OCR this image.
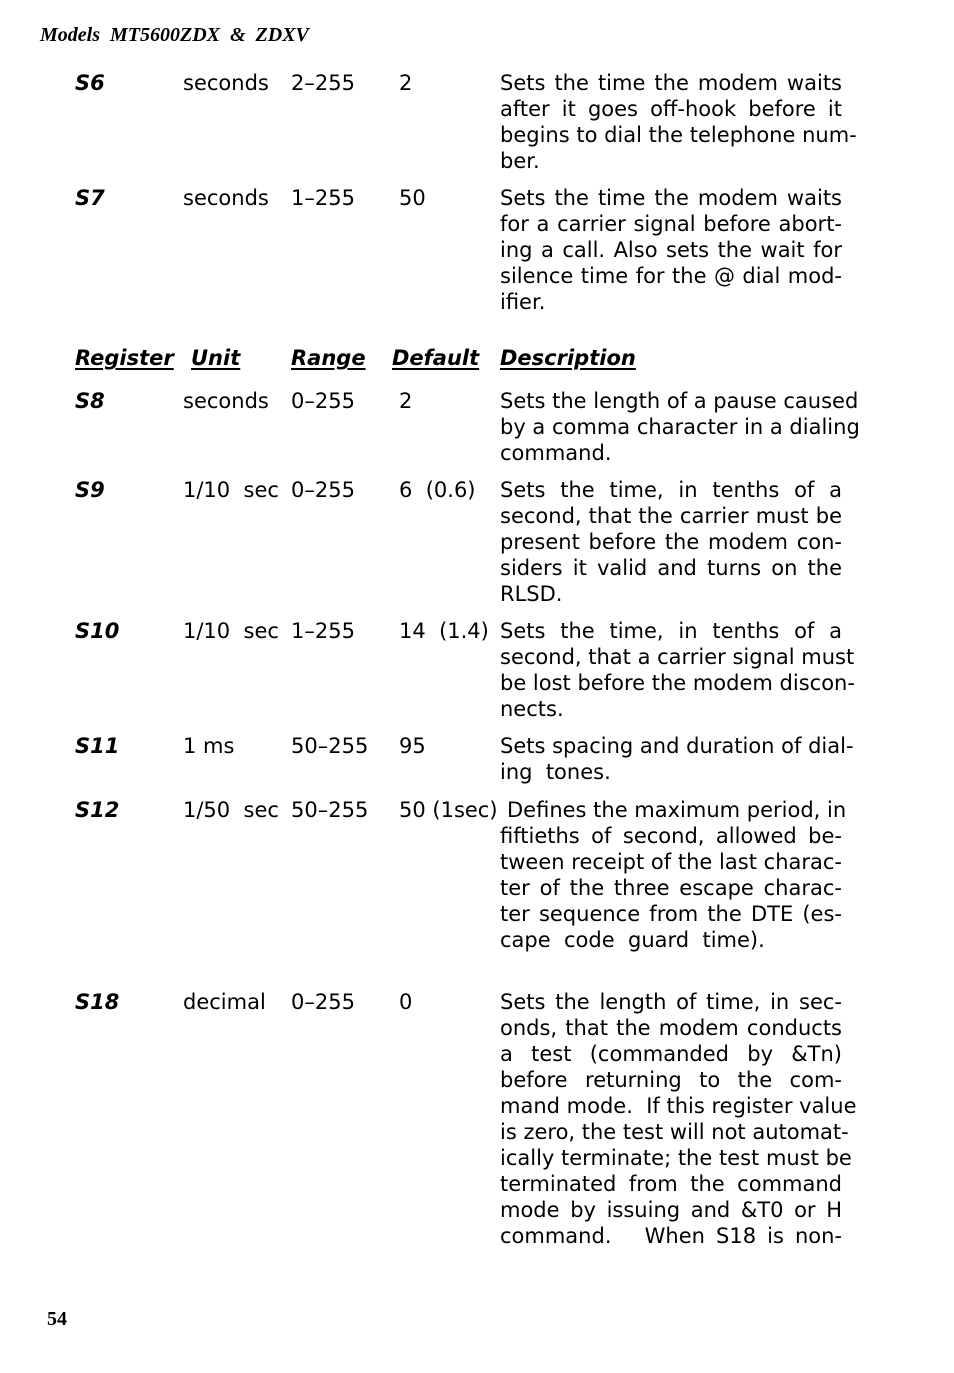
Models  MT5600ZDX  &  ZDXV
S6	seconds 2–255 2	Sets the time the modem waits
after it goes off-hook before it
begins to dial the telephone num-
ber.
S7	seconds 1–255 50	Sets the time the modem waits
for a carrier signal before abort-
ing a call. Also sets the wait for
silence time for the @ dial mod-
ifier.
Register Unit Range Default Description
S8	seconds 0–255 2	Sets the length of a pause caused
by a comma character in a dialing
command.
S9	1/10  sec 0–255 6  (0.6) Sets the time, in tenths of a
second, that the carrier must be
present before the modem con-
siders it valid and turns on the
RLSD.
S10	1/10  sec 1–255 14  (1.4) Sets the time, in tenths of a
second, that a carrier signal must
be lost before the modem discon-
nects.
S11	1 ms	50–255 95	Sets spacing and duration of dial-
ing  tones.
S12	1/50  sec 50–255 50 (1sec) Defines the maximum period, in
fiftieths of second, allowed be-
tween receipt of the last charac-
ter of the three escape charac-
ter sequence from the DTE (es-
cape  code  guard  time).
S18	decimal 0–255 0	Sets the length of time, in sec-
onds, that the modem conducts
a test (commanded by &Tn)
before returning to the com-
mand mode.  If this register value
is zero, the test will not automat-
ically terminate; the test must be
terminated from the command
mode by issuing and &T0 or H
command.   When S18 is non-
54
